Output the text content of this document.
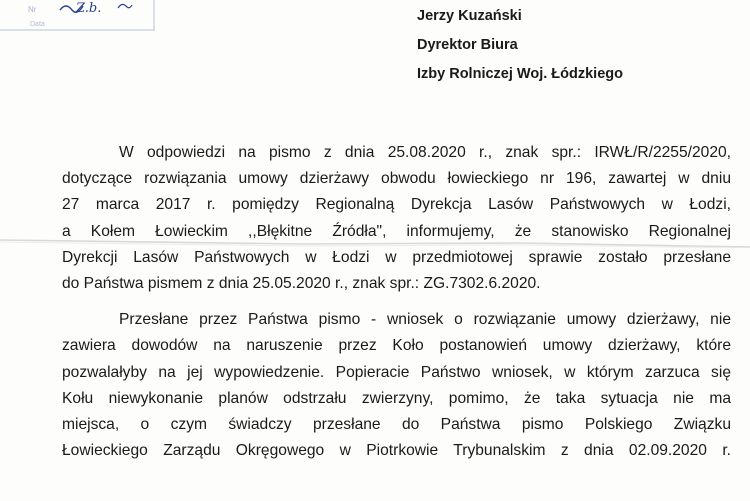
Nr	Z.b.
Data
Jerzy Kuzański
Dyrektor Biura
Izby Rolniczej Woj. Łódzkiego
W odpowiedzi na pismo z dnia 25.08.2020 r., znak spr.: IRWŁ/R/2255/2020,
dotyczące rozwiązania umowy dzierżawy obwodu łowieckiego nr 196, zawartej w dniu
27 marca 2017 r. pomiędzy Regionalną Dyrekcja Lasów Państwowych w Łodzi,
a Kołem Łowieckim ,,Błękitne Źródła", informujemy, że stanowisko Regionalnej
Dyrekcji Lasów Państwowych w Łodzi w przedmiotowej sprawie zostało przesłane
do Państwa pismem z dnia 25.05.2020 r., znak spr.: ZG.7302.6.2020.
Przesłane przez Państwa pismo - wniosek o rozwiązanie umowy dzierżawy, nie
zawiera dowodów na naruszenie przez Koło postanowień umowy dzierżawy, które
pozwalałyby na jej wypowiedzenie. Popieracie Państwo wniosek, w którym zarzuca się
Kołu niewykonanie planów odstrzału zwierzyny, pomimo, że taka sytuacja nie ma
miejsca, o czym świadczy przesłane do Państwa pismo Polskiego Związku
Łowieckiego Zarządu Okręgowego w Piotrkowie Trybunalskim z dnia 02.09.2020 r.
